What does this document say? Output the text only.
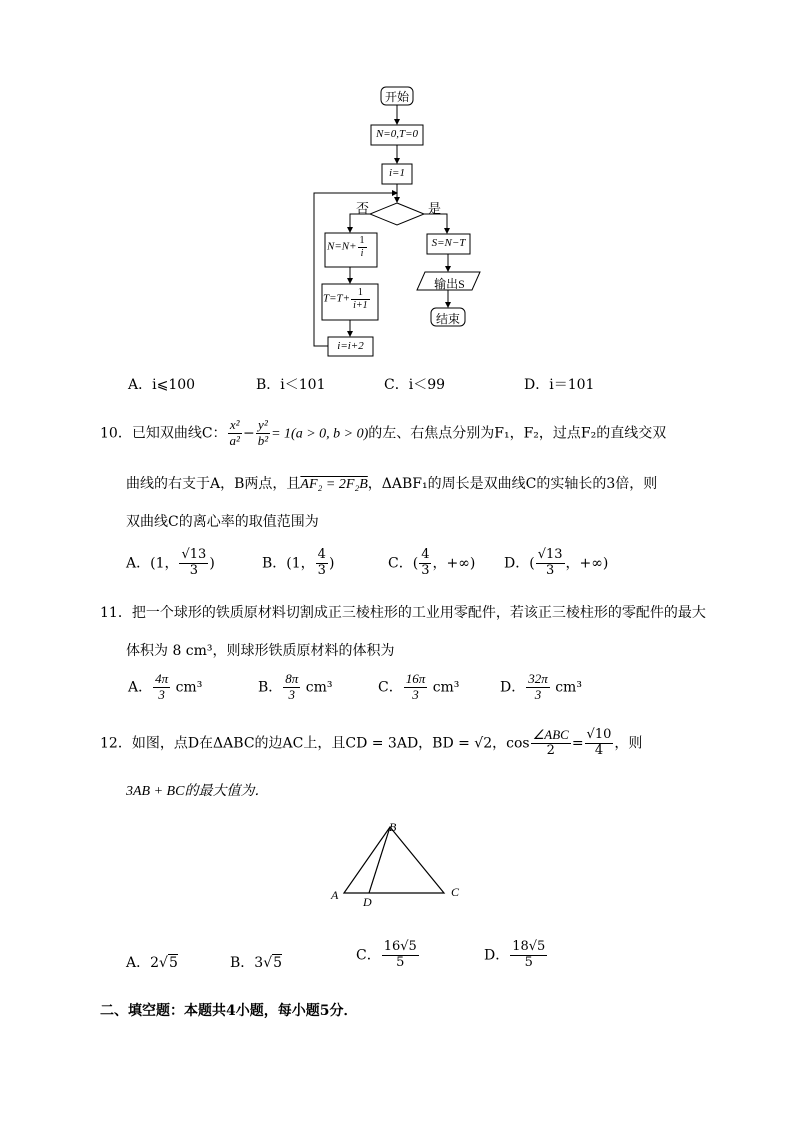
开始
N=0,T=0
i=1
否	是
$N=N+ \frac{1}{i}$
$T=T+ \frac{1}{i+1}$
i=i+2
S=N−T
输出S
结束
A．i⩽100	B．i＜101	C．i＜99	D．i＝101
10．已知双曲线C： $\frac{\text{x²}}{\text{a²}} - \frac{\text{y²}}{\text{b²}} = 1(a > 0$, b > 0)的左、右焦点分别为F₁，F₂，过点F₂的直线交双
曲线的右支于A，B两点，且AF₂ = 2F₂B，ΔABF₁的周长是双曲线C的实轴长的3倍，则
双曲线C的离心率的取值范围为
A．(1， $\frac{√13}{3}$ )	B．(1， $\frac{4}{3}$ )	C．( $\frac{4}{3}$ ，+∞) D．( $\frac{√13}{3}$ ，+∞)
11．把一个球形的铁质原材料切割成正三棱柱形的工业用零配件，若该正三棱柱形的零配件的最大
体积为 8 cm³，则球形铁质原材料的体积为
A． $\frac{4\pi}{3} cm^3$	B． $\frac{8\pi}{3} cm^3$	C． $\frac{16\pi}{3} cm^3$	D． $\frac{32\pi}{3} cm^3$
12．如图，点D在ΔABC的边AC上，且CD = 3AD，BD = √2，$\cos \frac{\text{∠ABC}}{2} = \frac{√10}{4}$ ，则
3AB + BC的最大值为．
B
A D
C
A．2√5	B．3√5	C． $\frac{16√5}{5}$	D． $\frac{18√5}{5}$
二、填空题：本题共4小题，每小题5分．
